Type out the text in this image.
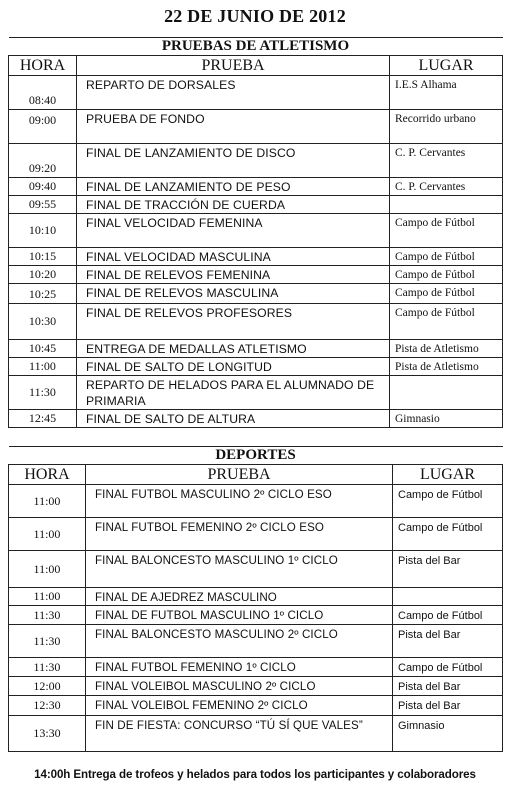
22 DE JUNIO DE 2012
PRUEBAS DE ATLETISMO		
HORA	PRUEBA	LUGAR
08:40	REPARTO DE DORSALES	I.E.S Alhama
09:00	PRUEBA DE FONDO	Recorrido urbano
09:20	FINAL DE LANZAMIENTO DE DISCO	C. P. Cervantes
09:40	FINAL DE LANZAMIENTO DE PESO	C. P. Cervantes
09:55	FINAL DE TRACCIÓN DE CUERDA	
10:10	FINAL VELOCIDAD FEMENINA	Campo de Fútbol
10:15	FINAL VELOCIDAD MASCULINA	Campo de Fútbol
10:20	FINAL DE RELEVOS FEMENINA	Campo de Fútbol
10:25	FINAL DE RELEVOS MASCULINA	Campo de Fútbol
10:30	FINAL DE RELEVOS PROFESORES	Campo de Fútbol
10:45	ENTREGA DE MEDALLAS ATLETISMO	Pista de Atletismo
11:00	FINAL DE SALTO DE LONGITUD	Pista de Atletismo
11:30	REPARTO DE HELADOS PARA EL ALUMNADO DE PRIMARIA	
12:45	FINAL DE SALTO DE ALTURA	Gimnasio
DEPORTES		
HORA	PRUEBA	LUGAR
11:00	FINAL FUTBOL MASCULINO 2º CICLO ESO	Campo de Fútbol
11:00	FINAL FUTBOL FEMENINO 2º CICLO ESO	Campo de Fútbol
11:00	FINAL BALONCESTO MASCULINO 1º CICLO	Pista del Bar
11:00	FINAL DE AJEDREZ MASCULINO	
11:30	FINAL DE FUTBOL MASCULINO 1º CICLO	Campo de Fútbol
11:30	FINAL BALONCESTO MASCULINO 2º CICLO	Pista del Bar
11:30	FINAL FUTBOL FEMENINO 1º CICLO	Campo de Fútbol
12:00	FINAL VOLEIBOL MASCULINO 2º CICLO	Pista del Bar
12:30	FINAL VOLEIBOL FEMENINO 2º CICLO	Pista del Bar
13:30	FIN DE FIESTA: CONCURSO “TÚ SÍ QUE VALES”	Gimnasio
14:00h Entrega de trofeos y helados para todos los participantes y colaboradores
